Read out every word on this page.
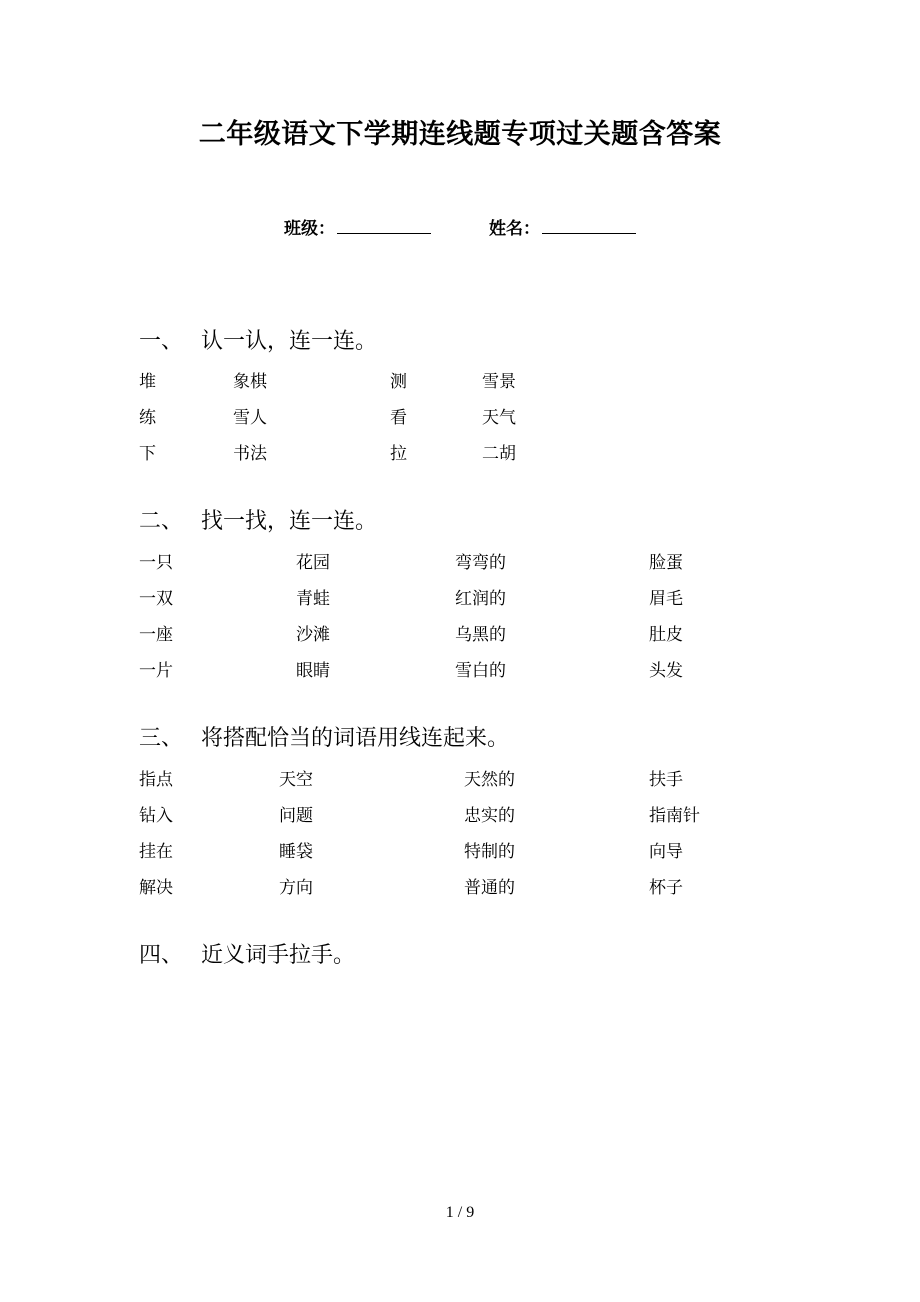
二年级语文下学期连线题专项过关题含答案
班级：	姓名：
一、 认一认，连一连。
堆	象棋	测	雪景
练	雪人	看	天气
下	书法	拉	二胡
二、 找一找，连一连。
一只	花园	弯弯的	脸蛋
一双	青蛙	红润的	眉毛
一座	沙滩	乌黑的	肚皮
一片	眼睛	雪白的	头发
三、 将搭配恰当的词语用线连起来。
指点	天空	天然的	扶手
钻入	问题	忠实的	指南针
挂在	睡袋	特制的	向导
解决	方向	普通的	杯子
四、 近义词手拉手。
1 / 9
